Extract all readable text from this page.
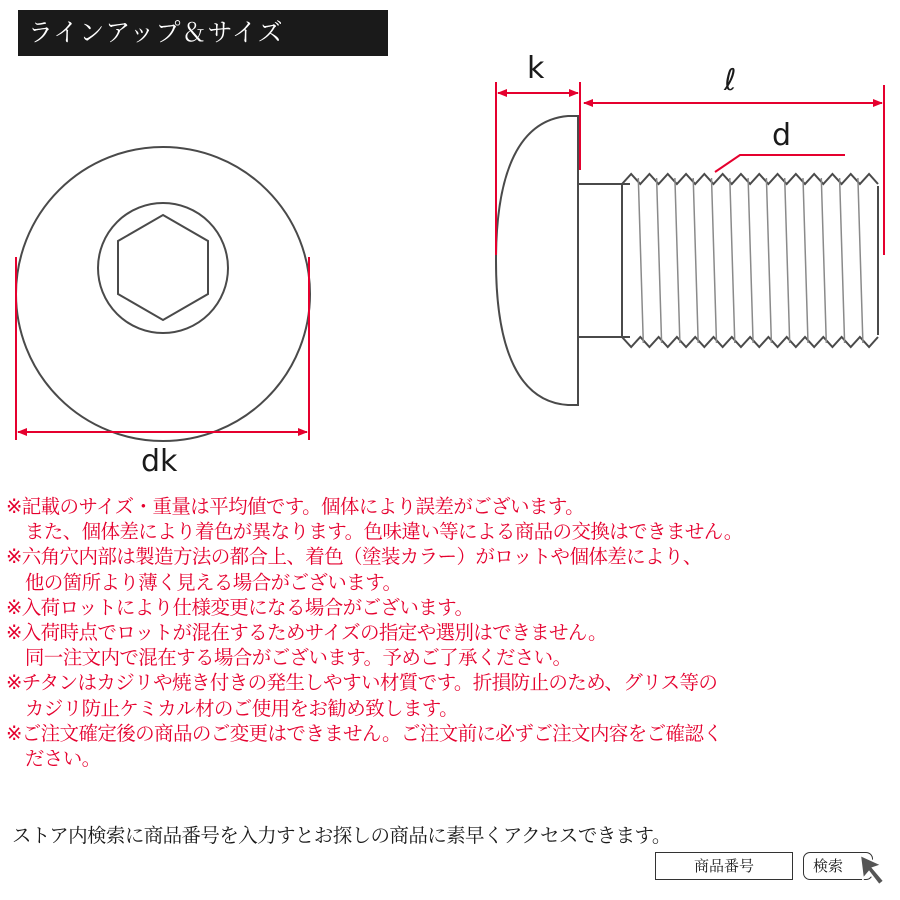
ラインアップ＆サイズ
dk
k	ℓ
d
※記載のサイズ・重量は平均値です。個体により誤差がございます。
　また、個体差により着色が異なります。色味違い等による商品の交換はできません。
※六角穴内部は製造方法の都合上、着色（塗装カラー）がロットや個体差により、
　他の箇所より薄く見える場合がございます。
※入荷ロットにより仕様変更になる場合がございます。
※入荷時点でロットが混在するためサイズの指定や選別はできません。
　同一注文内で混在する場合がございます。予めご了承ください。
※チタンはカジリや焼き付きの発生しやすい材質です。折損防止のため、グリス等の
　カジリ防止ケミカル材のご使用をお勧め致します。
※ご注文確定後の商品のご変更はできません。ご注文前に必ずご注文内容をご確認く
　ださい。
ストア内検索に商品番号を入力すとお探しの商品に素早くアクセスできます。
商品番号	検索
